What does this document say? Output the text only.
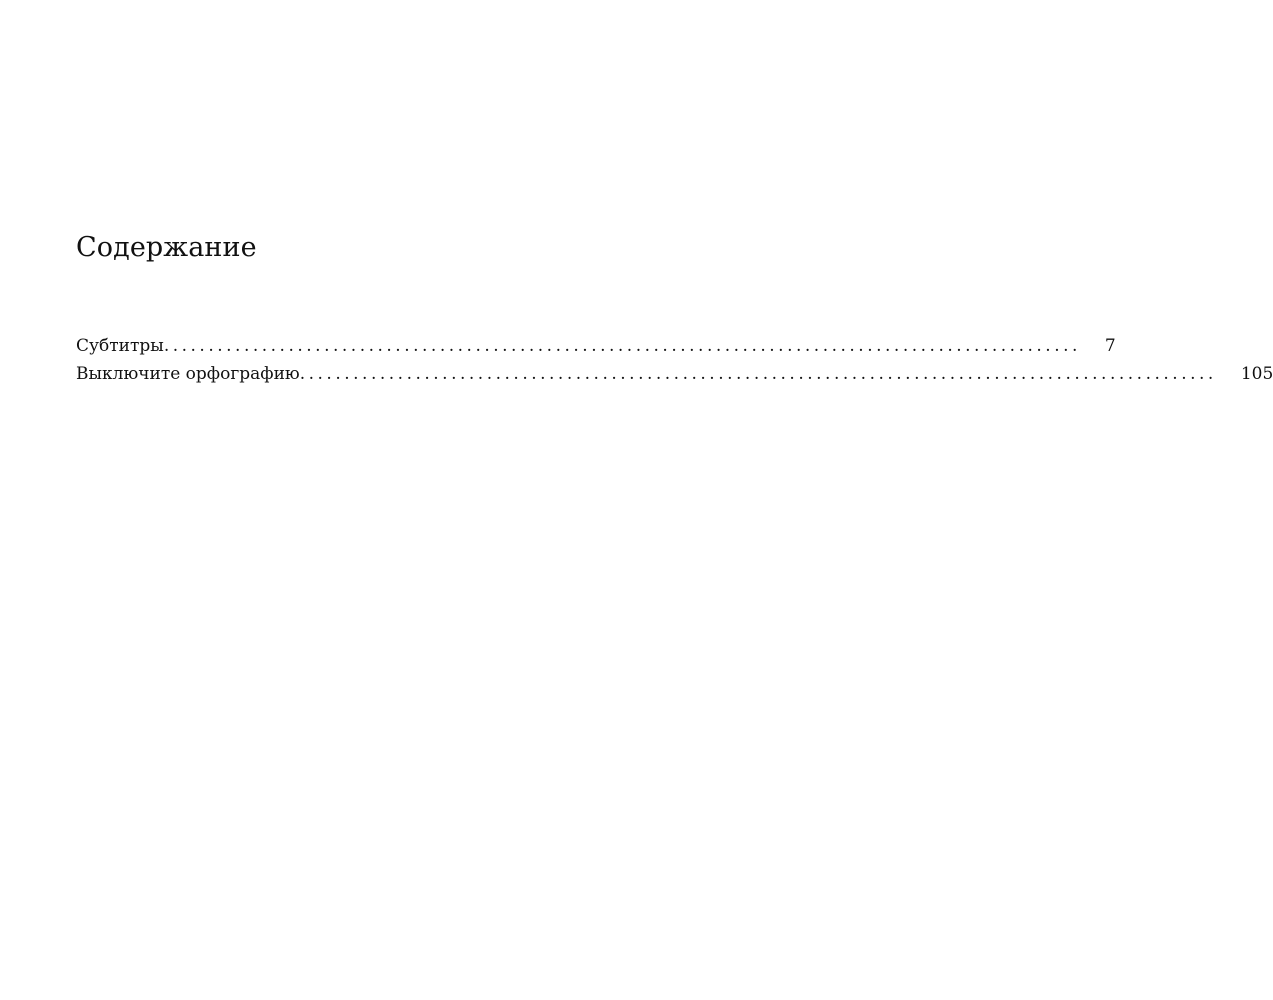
Содержание
Субтитры ....................................................................................................... 7
Выключите орфографию ....................................................................................................... 105
